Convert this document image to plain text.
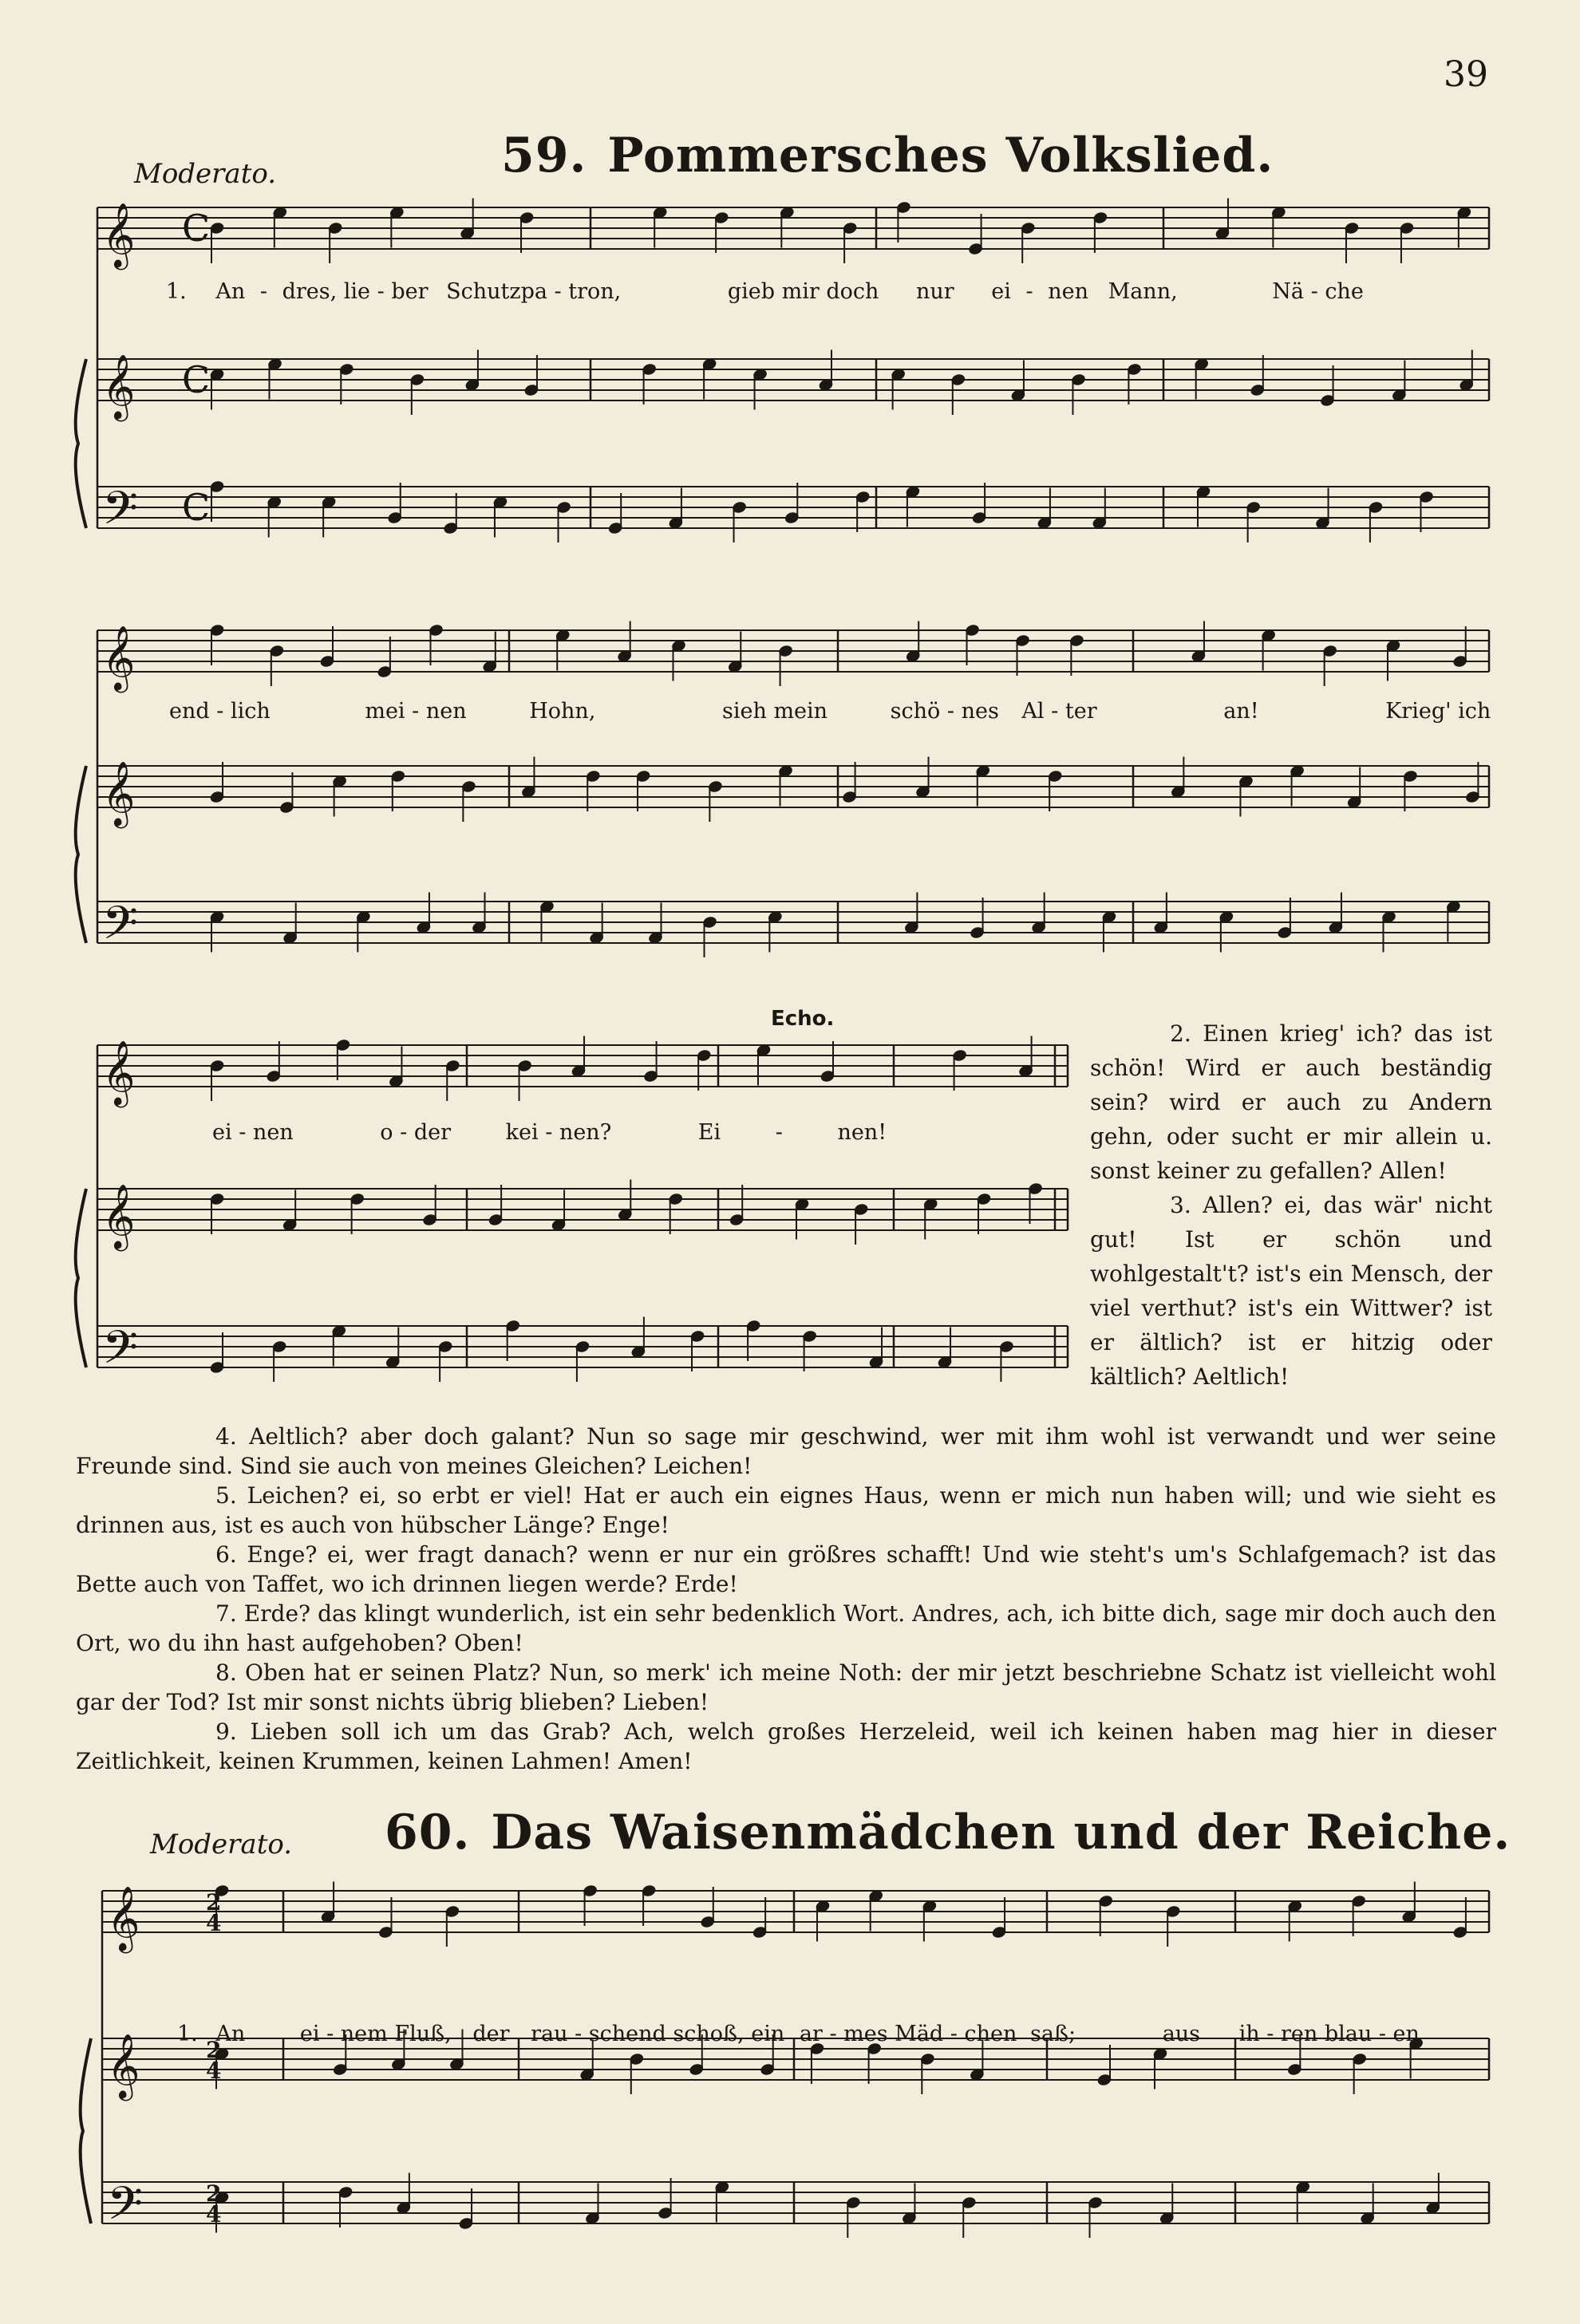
39
Moderato.	59. Pommersches Volkslied.
𝄞
𝄞
𝄢
𝄞
𝄞
𝄢
𝄞
𝄞
𝄢
𝄞
𝄞
𝄢
C
C
C
2
4
2
4
2
4
1. An - dres, lie - ber Schutzpa - tron,	gieb mir doch nur ei - nen Mann,	Nä - che
end - lich	mei - nen	Hohn,	sieh mein	schö - nes Al - ter	an!	Krieg' ich
Echo.
ei - nen	o - der	kei - nen?	Ei	-	nen!

2. Einen krieg' ich? das ist schön! Wird er auch beständig sein? wird er auch zu Andern gehn, oder sucht er mir allein u. sonst keiner zu gefallen? Allen!

3. Allen? ei, das wär' nicht gut! Ist er schön und wohlgestalt't? ist's ein Mensch, der viel verthut? ist's ein Wittwer? ist er ältlich? ist er hitzig oder kältlich? Aeltlich!

4. Aeltlich? aber doch galant? Nun so sage mir geschwind, wer mit ihm wohl ist verwandt und wer seine Freunde sind. Sind sie auch von meines Gleichen? Leichen!

5. Leichen? ei, so erbt er viel! Hat er auch ein eignes Haus, wenn er mich nun haben will; und wie sieht es drinnen aus, ist es auch von hübscher Länge? Enge!

6. Enge? ei, wer fragt danach? wenn er nur ein größres schafft! Und wie steht's um's Schlafgemach? ist das Bette auch von Taffet, wo ich drinnen liegen werde? Erde!

7. Erde? das klingt wunderlich, ist ein sehr bedenklich Wort. Andres, ach, ich bitte dich, sage mir doch auch den Ort, wo du ihn hast aufgehoben? Oben!

8. Oben hat er seinen Platz? Nun, so merk' ich meine Noth: der mir jetzt beschriebne Schatz ist vielleicht wohl gar der Tod? Ist mir sonst nichts übrig blieben? Lieben!

9. Lieben soll ich um das Grab? Ach, welch großes Herzeleid, weil ich keinen haben mag hier in dieser Zeitlichkeit, keinen Krummen, keinen Lahmen! Amen!

Moderato. 60. Das Waisenmädchen und der Reiche.
1. An	ei - nem Fluß, der rau - schend schoß, ein ar - mes Mäd - chen saß;	aus ih - ren blau - en
